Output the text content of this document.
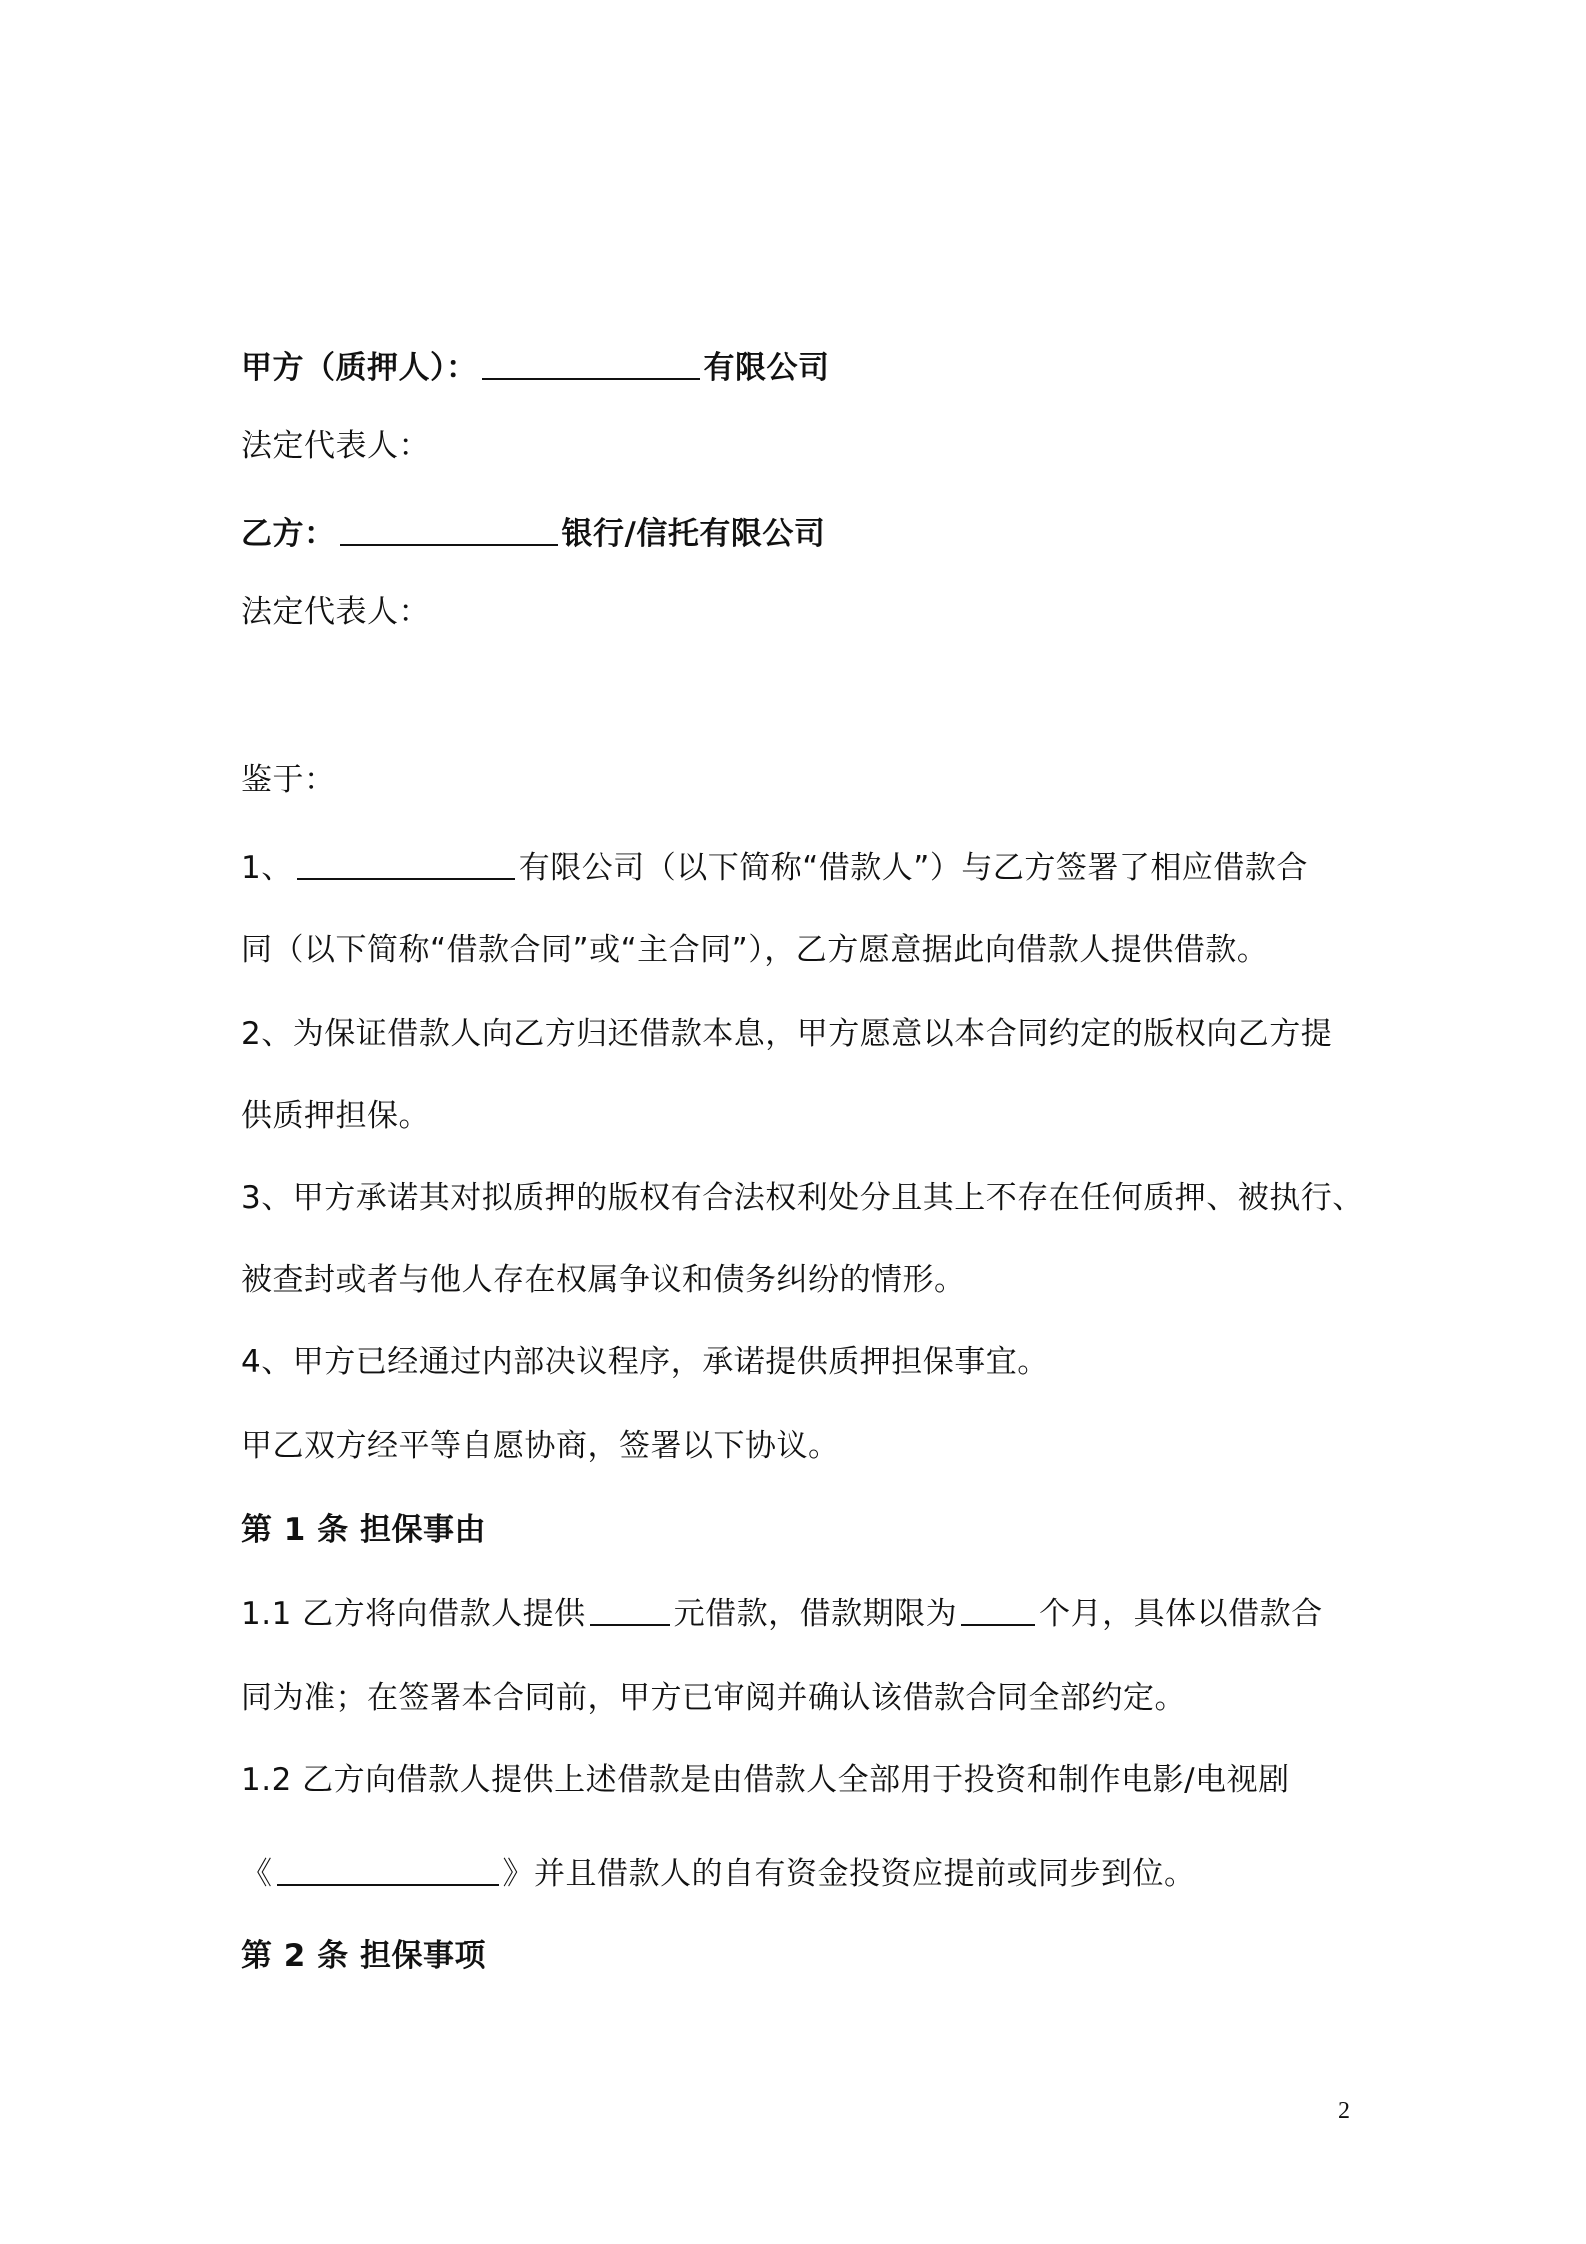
甲方（质押人）：	有限公司
法定代表人：
乙方：	银行/信托有限公司
法定代表人：
鉴于：
1、	有限公司（以下简称“借款人”）与乙方签署了相应借款合
同（以下简称“借款合同”或“主合同”），乙方愿意据此向借款人提供借款。
2、为保证借款人向乙方归还借款本息，甲方愿意以本合同约定的版权向乙方提
供质押担保。
3、甲方承诺其对拟质押的版权有合法权利处分且其上不存在任何质押、被执行、
被查封或者与他人存在权属争议和债务纠纷的情形。
4、甲方已经通过内部决议程序，承诺提供质押担保事宜。
甲乙双方经平等自愿协商，签署以下协议。
第 1 条 担保事由
1.1 乙方将向借款人提供	元借款，借款期限为	个月，具体以借款合
同为准；在签署本合同前，甲方已审阅并确认该借款合同全部约定。
1.2 乙方向借款人提供上述借款是由借款人全部用于投资和制作电影/电视剧
《	》并且借款人的自有资金投资应提前或同步到位。
第 2 条 担保事项
2
